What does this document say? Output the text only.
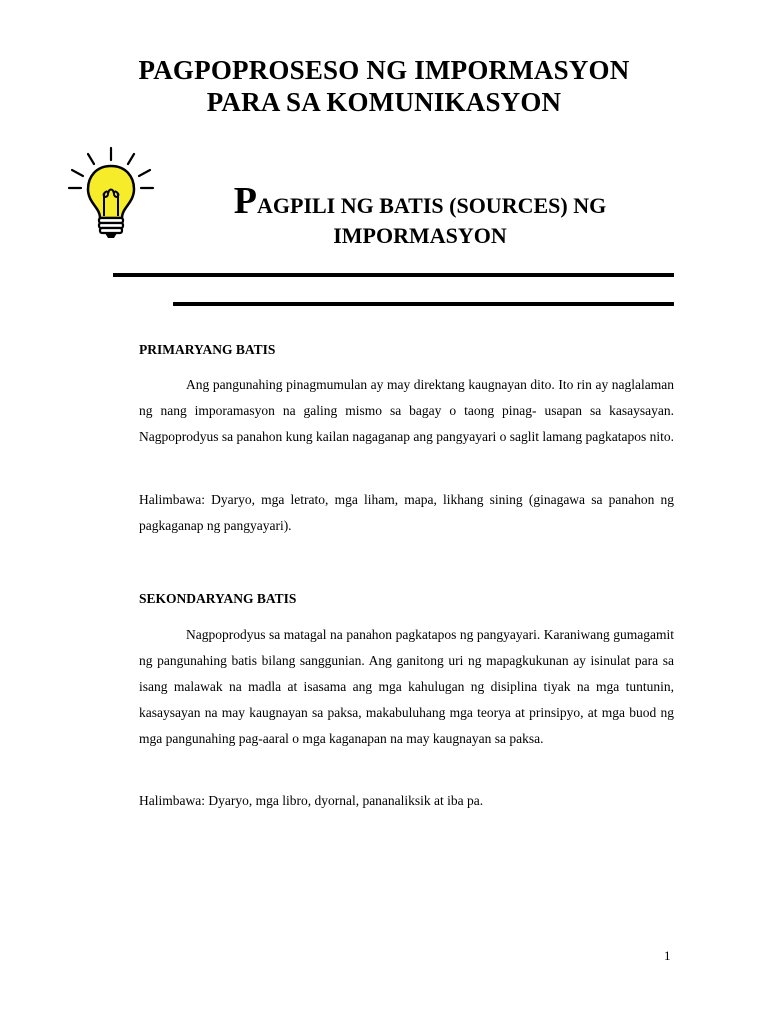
PAGPOPROSESO NG IMPORMASYON
PARA SA KOMUNIKASYON
PAGPILI NG BATIS (SOURCES) NG
IMPORMASYON
PRIMARYANG BATIS

Ang pangunahing pinagmumulan ay may direktang kaugnayan dito. Ito rin ay naglalaman ng nang imporamasyon na galing mismo sa bagay o taong pinag- usapan sa kasaysayan. Nagpoprodyus sa panahon kung kailan nagaganap ang pangyayari o saglit lamang pagkatapos nito.

Halimbawa: Dyaryo, mga letrato, mga liham, mapa, likhang sining (ginagawa sa panahon ng pagkaganap ng pangyayari).

SEKONDARYANG BATIS

Nagpoprodyus sa matagal na panahon pagkatapos ng pangyayari. Karaniwang gumagamit ng pangunahing batis bilang sanggunian. Ang ganitong uri ng mapagkukunan ay isinulat para sa isang malawak na madla at isasama ang mga kahulugan ng disiplina tiyak na mga tuntunin, kasaysayan na may kaugnayan sa paksa, makabuluhang mga teorya at prinsipyo, at mga buod ng mga pangunahing pag-aaral o mga kaganapan na may kaugnayan sa paksa.

Halimbawa: Dyaryo, mga libro, dyornal, pananaliksik at iba pa.

1
